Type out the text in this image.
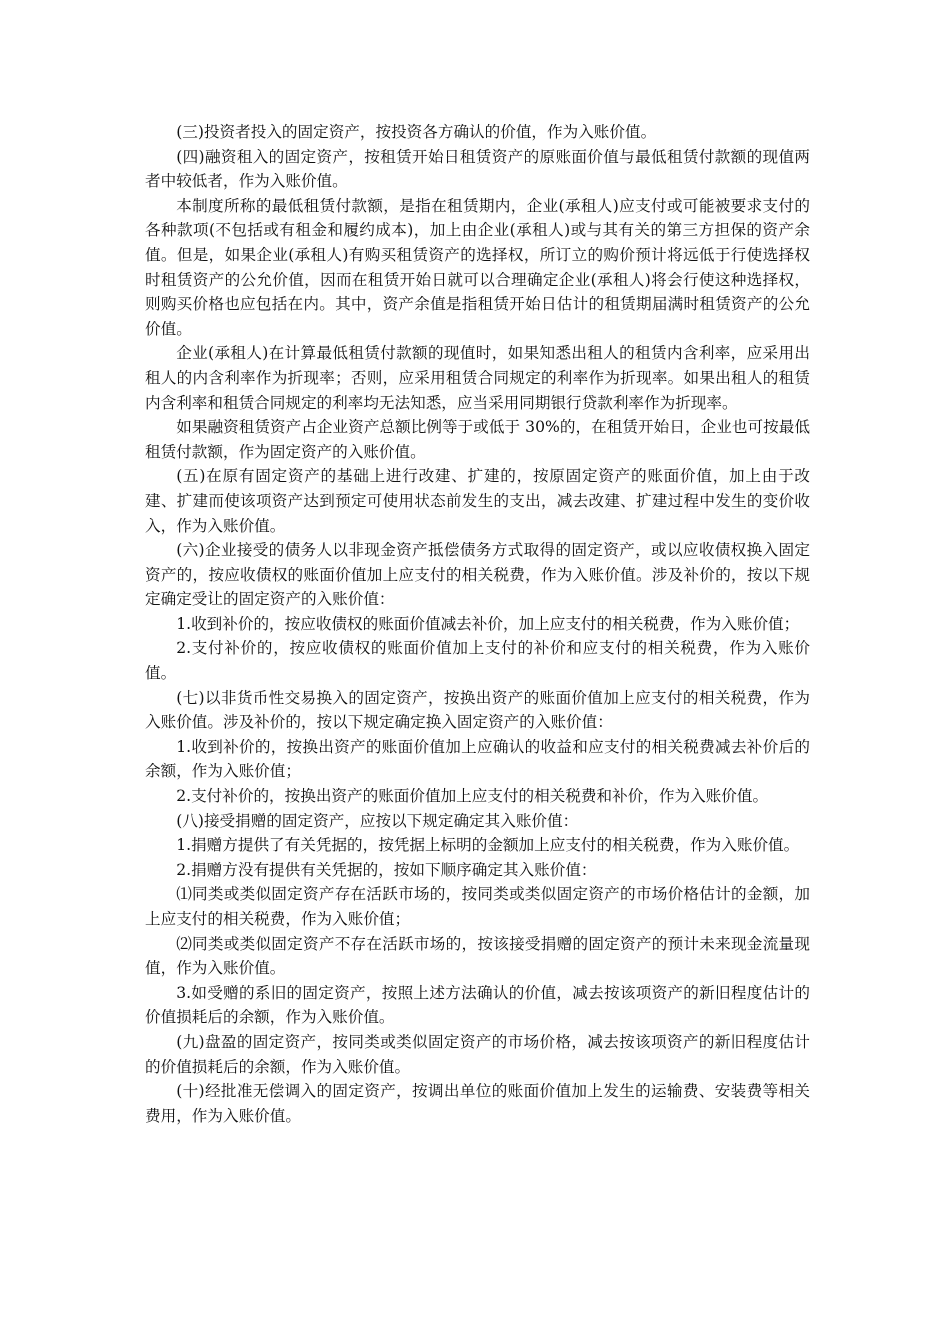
(三)投资者投入的固定资产，按投资各方确认的价值，作为入账价值。

(四)融资租入的固定资产，按租赁开始日租赁资产的原账面价值与最低租赁付款额的现值两者中较低者，作为入账价值。

本制度所称的最低租赁付款额，是指在租赁期内，企业(承租人)应支付或可能被要求支付的各种款项(不包括或有租金和履约成本)，加上由企业(承租人)或与其有关的第三方担保的资产余值。但是，如果企业(承租人)有购买租赁资产的选择权，所订立的购价预计将远低于行使选择权时租赁资产的公允价值，因而在租赁开始日就可以合理确定企业(承租人)将会行使这种选择权，则购买价格也应包括在内。其中，资产余值是指租赁开始日估计的租赁期届满时租赁资产的公允价值。

企业(承租人)在计算最低租赁付款额的现值时，如果知悉出租人的租赁内含利率，应采用出租人的内含利率作为折现率；否则，应采用租赁合同规定的利率作为折现率。如果出租人的租赁内含利率和租赁合同规定的利率均无法知悉，应当采用同期银行贷款利率作为折现率。

如果融资租赁资产占企业资产总额比例等于或低于 30%的，在租赁开始日，企业也可按最低租赁付款额，作为固定资产的入账价值。

(五)在原有固定资产的基础上进行改建、扩建的，按原固定资产的账面价值，加上由于改建、扩建而使该项资产达到预定可使用状态前发生的支出，减去改建、扩建过程中发生的变价收入，作为入账价值。

(六)企业接受的债务人以非现金资产抵偿债务方式取得的固定资产，或以应收债权换入固定资产的，按应收债权的账面价值加上应支付的相关税费，作为入账价值。涉及补价的，按以下规定确定受让的固定资产的入账价值：

1.收到补价的，按应收债权的账面价值减去补价，加上应支付的相关税费，作为入账价值；

2.支付补价的，按应收债权的账面价值加上支付的补价和应支付的相关税费，作为入账价值。

(七)以非货币性交易换入的固定资产，按换出资产的账面价值加上应支付的相关税费，作为入账价值。涉及补价的，按以下规定确定换入固定资产的入账价值：

1.收到补价的，按换出资产的账面价值加上应确认的收益和应支付的相关税费减去补价后的余额，作为入账价值；

2.支付补价的，按换出资产的账面价值加上应支付的相关税费和补价，作为入账价值。

(八)接受捐赠的固定资产，应按以下规定确定其入账价值：

1.捐赠方提供了有关凭据的，按凭据上标明的金额加上应支付的相关税费，作为入账价值。

2.捐赠方没有提供有关凭据的，按如下顺序确定其入账价值：

⑴同类或类似固定资产存在活跃市场的，按同类或类似固定资产的市场价格估计的金额，加上应支付的相关税费，作为入账价值；

⑵同类或类似固定资产不存在活跃市场的，按该接受捐赠的固定资产的预计未来现金流量现值，作为入账价值。

3.如受赠的系旧的固定资产，按照上述方法确认的价值，减去按该项资产的新旧程度估计的价值损耗后的余额，作为入账价值。

(九)盘盈的固定资产，按同类或类似固定资产的市场价格，减去按该项资产的新旧程度估计的价值损耗后的余额，作为入账价值。

(十)经批准无偿调入的固定资产，按调出单位的账面价值加上发生的运输费、安装费等相关费用，作为入账价值。
